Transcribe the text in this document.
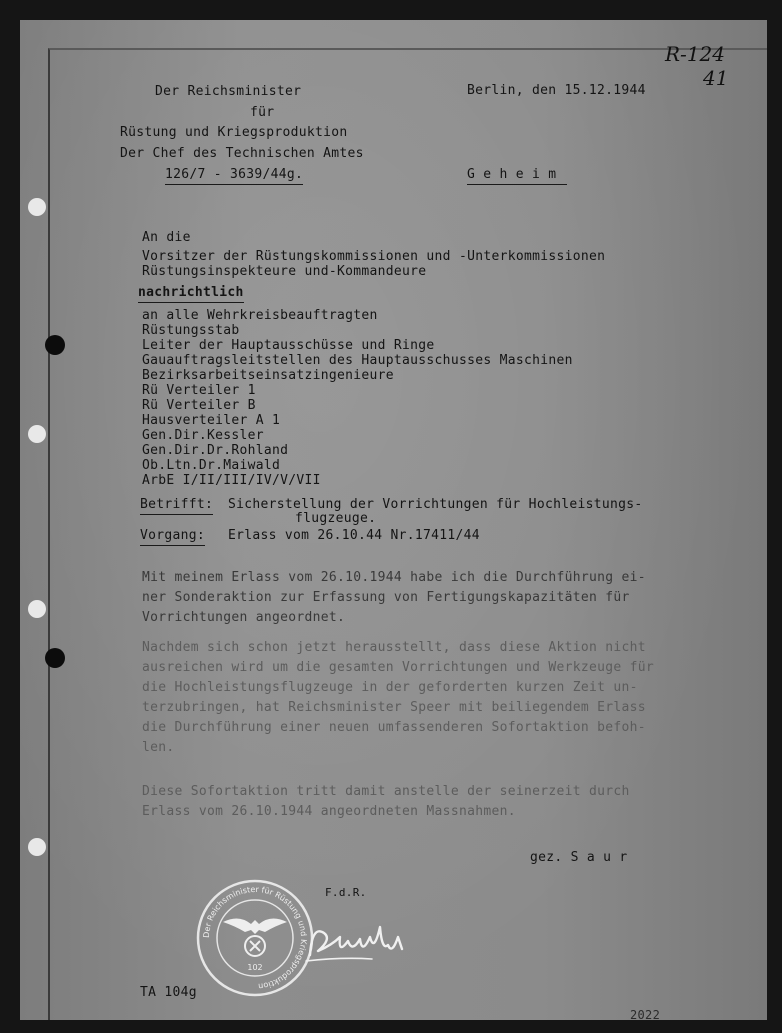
R-124
41
Der Reichsminister
für
Rüstung und Kriegsproduktion
Der Chef des Technischen Amtes
126/7 - 3639/44g.
Berlin, den 15.12.1944
G e h e i m
An die
Vorsitzer der Rüstungskommissionen und -Unterkommissionen
Rüstungsinspekteure und-Kommandeure
nachrichtlich
an alle Wehrkreisbeauftragten
Rüstungsstab
Leiter der Hauptausschüsse und Ringe
Gauauftragsleitstellen des Hauptausschusses Maschinen
Bezirksarbeitseinsatzingenieure
Rü Verteiler 1
Rü Verteiler B
Hausverteiler A 1
Gen.Dir.Kessler
Gen.Dir.Dr.Rohland
Ob.Ltn.Dr.Maiwald
ArbE I/II/III/IV/V/VII
Betrifft: Sicherstellung der Vorrichtungen für Hochleistungs-
flugzeuge.
Vorgang: Erlass vom 26.10.44 Nr.17411/44
Mit meinem Erlass vom 26.10.1944 habe ich die Durchführung ei-
ner Sonderaktion zur Erfassung von Fertigungskapazitäten für
Vorrichtungen angeordnet.
Nachdem sich schon jetzt herausstellt, dass diese Aktion nicht
ausreichen wird um die gesamten Vorrichtungen und Werkzeuge für
die Hochleistungsflugzeuge in der geforderten kurzen Zeit un-
terzubringen, hat Reichsminister Speer mit beiliegendem Erlass
die Durchführung einer neuen umfassenderen Sofortaktion befoh-
len.
Diese Sofortaktion tritt damit anstelle der seinerzeit durch
Erlass vom 26.10.1944 angeordneten Massnahmen.
gez. S a u r
F.d.R.
Der Reichsminister für Rüstung und Kriegsproduktion
102
TA 104g
2022
